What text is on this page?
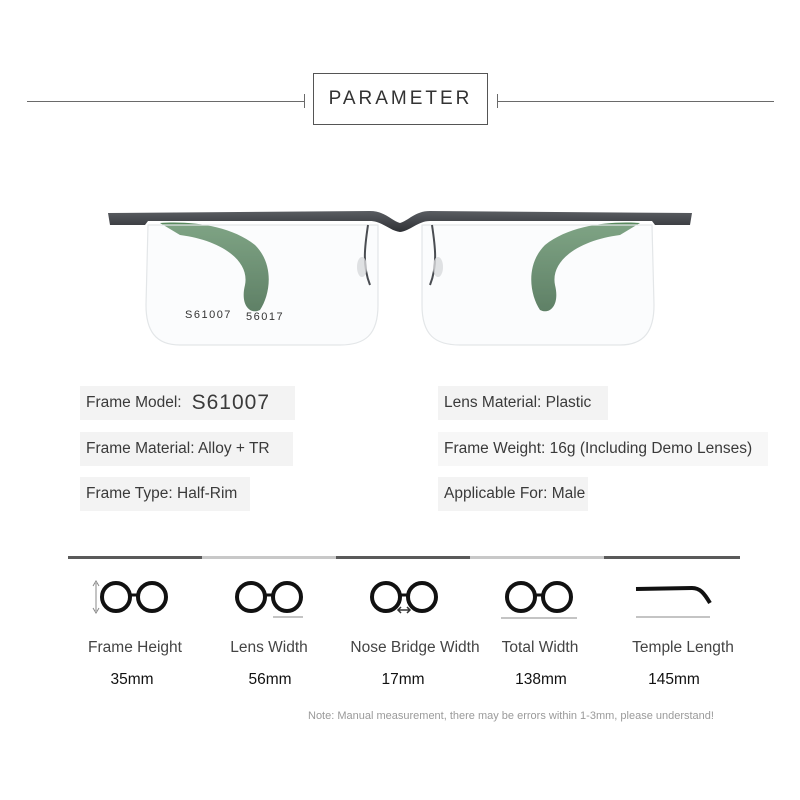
PARAMETER
S61007 56017
Frame Model: S61007	Lens Material: Plastic
Frame Material: Alloy + TR	Frame Weight: 16g (Including Demo Lenses)
Frame Type: Half-Rim	Applicable For: Male
Frame Height	Lens Width	Nose Bridge Width	Total Width	Temple Length
35mm	56mm	17mm	138mm	145mm
Note: Manual measurement, there may be errors within 1-3mm, please understand!
